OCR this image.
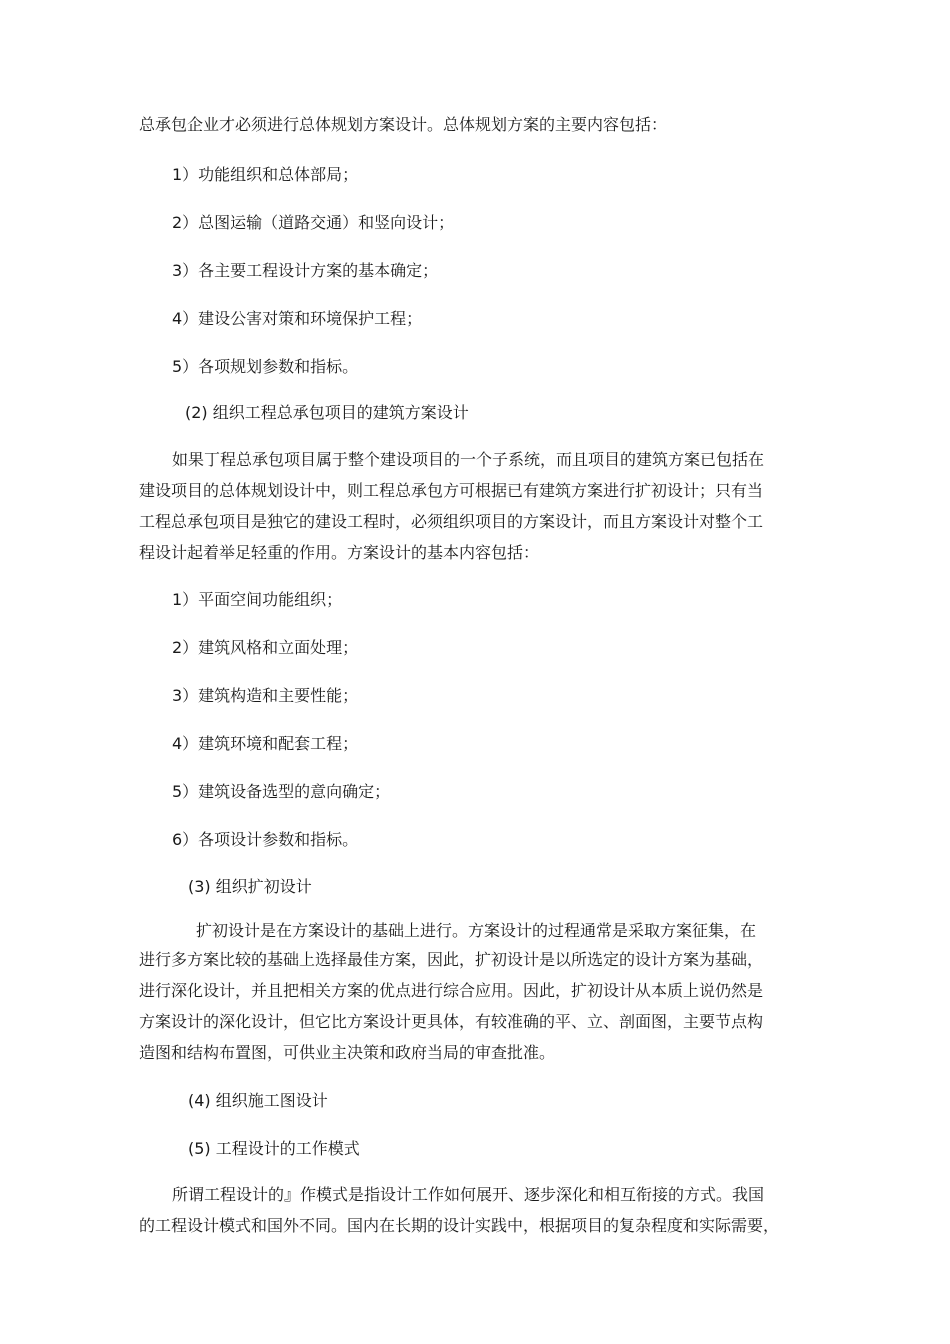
总承包企业才必须进行总体规划方案设计。总体规划方案的主要内容包括：

1）功能组织和总体部局；

2）总图运输（道路交通）和竖向设计；

3）各主要工程设计方案的基本确定；

4）建设公害对策和环境保护工程；

5）各项规划参数和指标。

(2) 组织工程总承包项目的建筑方案设计

如果丁程总承包项目属于整个建设项目的一个子系统，而且项目的建筑方案已包括在

建设项目的总体规划设计中，则工程总承包方可根据已有建筑方案进行扩初设计；只有当

工程总承包项目是独它的建设工程时，必须组织项目的方案设计，而且方案设计对整个工

程设计起着举足轻重的作用。方案设计的基本内容包括：

1）平面空间功能组织；

2）建筑风格和立面处理；

3）建筑构造和主要性能；

4）建筑环境和配套工程；

5）建筑设备选型的意向确定；

6）各项设计参数和指标。

(3) 组织扩初设计

扩初设计是在方案设计的基础上进行。方案设计的过程通常是采取方案征集，在

进行多方案比较的基础上选择最佳方案，因此，扩初设计是以所选定的设计方案为基础，

进行深化设计，并且把相关方案的优点进行综合应用。因此，扩初设计从本质上说仍然是

方案设计的深化设计，但它比方案设计更具体，有较准确的平、立、剖面图，主要节点构

造图和结构布置图，可供业主决策和政府当局的审查批准。

(4) 组织施工图设计

(5) 工程设计的工作模式

所谓工程设计的』作模式是指设计工作如何展开、逐步深化和相互衔接的方式。我国

的工程设计模式和国外不同。国内在长期的设计实践中，根据项目的复杂程度和实际需要，
